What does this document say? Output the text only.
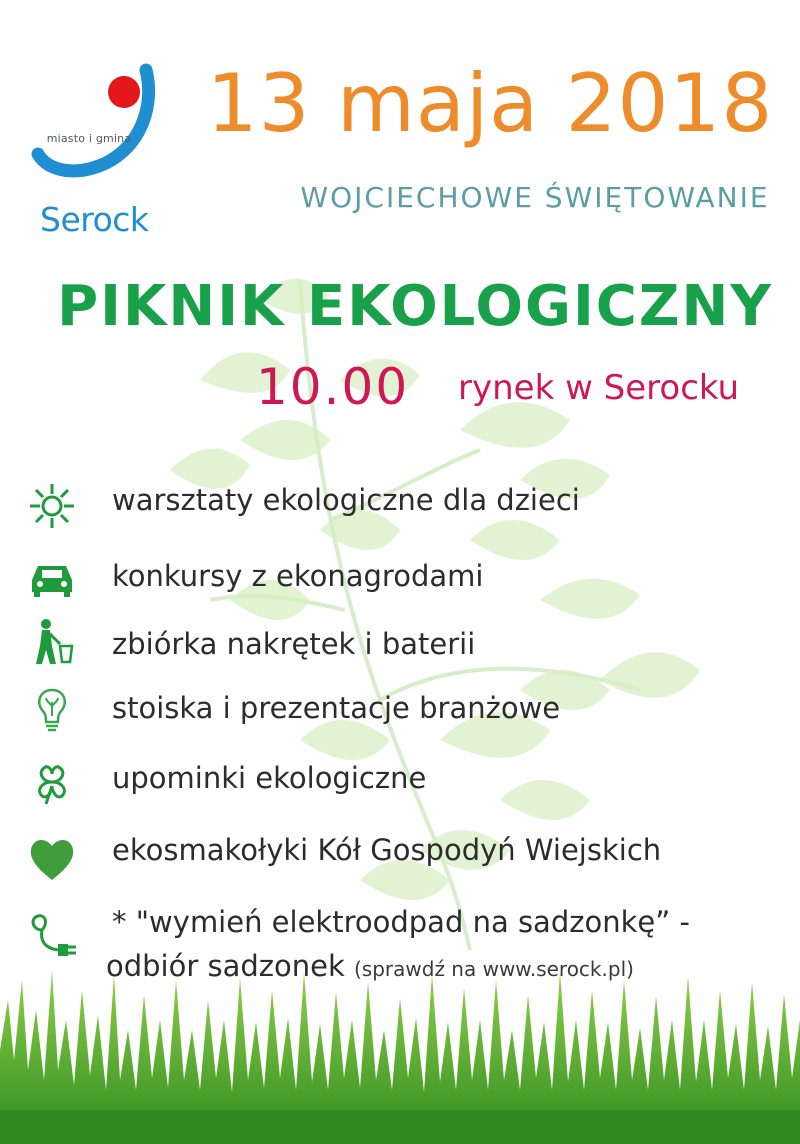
miasto i gmina
Serock
13 maja 2018
WOJCIECHOWE ŚWIĘTOWANIE
PIKNIK EKOLOGICZNY
10.00 rynek w Serocku
warsztaty ekologiczne dla dzieci
konkursy z ekonagrodami
zbiórka nakrętek i baterii
stoiska i prezentacje branżowe
upominki ekologiczne
ekosmakołyki Kół Gospodyń Wiejskich
* "wymień elektroodpad na sadzonkę” -
odbiór sadzonek (sprawdź na www.serock.pl)
